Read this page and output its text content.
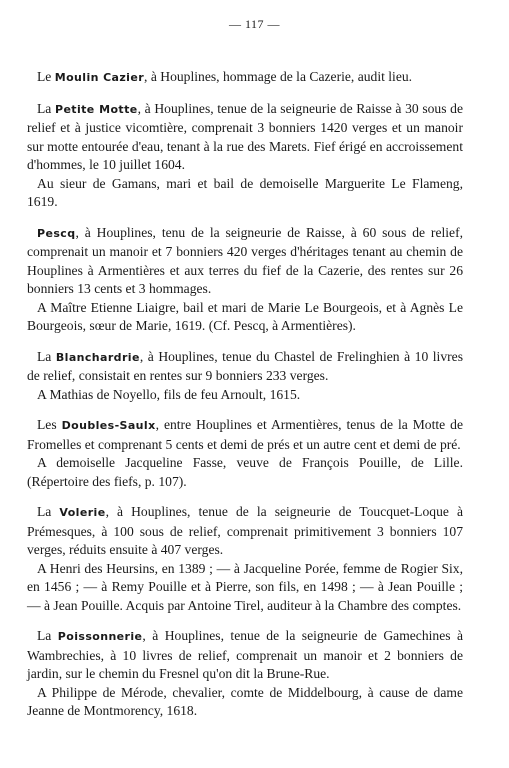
— 117 —

Le Moulin Cazier, à Houplines, hommage de la Cazerie, audit lieu.

La Petite Motte, à Houplines, tenue de la seigneurie de Raisse à 30 sous de relief et à justice vicomtière, comprenait 3 bonniers 1420 verges et un manoir sur motte entourée d'eau, tenant à la rue des Marets. Fief érigé en accroissement d'hommes, le 10 juillet 1604.

Au sieur de Gamans, mari et bail de demoiselle Marguerite Le Flameng, 1619.

Pescq, à Houplines, tenu de la seigneurie de Raisse, à 60 sous de relief, comprenait un manoir et 7 bonniers 420 verges d'héritages tenant au chemin de Houplines à Armentières et aux terres du fief de la Cazerie, des rentes sur 26 bonniers 13 cents et 3 hommages.

A Maître Etienne Liaigre, bail et mari de Marie Le Bourgeois, et à Agnès Le Bourgeois, sœur de Marie, 1619. (Cf. Pescq, à Armentières).

La Blanchardrie, à Houplines, tenue du Chastel de Frelinghien à 10 livres de relief, consistait en rentes sur 9 bonniers 233 verges.

A Mathias de Noyello, fils de feu Arnoult, 1615.

Les Doubles-Saulx, entre Houplines et Armentières, tenus de la Motte de Fromelles et comprenant 5 cents et demi de prés et un autre cent et demi de pré.

A demoiselle Jacqueline Fasse, veuve de François Pouille, de Lille. (Répertoire des fiefs, p. 107).

La Volerie, à Houplines, tenue de la seigneurie de Toucquet-Loque à Prémesques, à 100 sous de relief, comprenait primitivement 3 bonniers 107 verges, réduits ensuite à 407 verges.

A Henri des Heursins, en 1389 ; — à Jacqueline Porée, femme de Rogier Six, en 1456 ; — à Remy Pouille et à Pierre, son fils, en 1498 ; — à Jean Pouille ; — à Jean Pouille. Acquis par Antoine Tirel, auditeur à la Chambre des comptes.

La Poissonnerie, à Houplines, tenue de la seigneurie de Gamechines à Wambrechies, à 10 livres de relief, comprenait un manoir et 2 bonniers de jardin, sur le chemin du Fresnel qu'on dit la Brune-Rue.

A Philippe de Mérode, chevalier, comte de Middelbourg, à cause de dame Jeanne de Montmorency, 1618.
